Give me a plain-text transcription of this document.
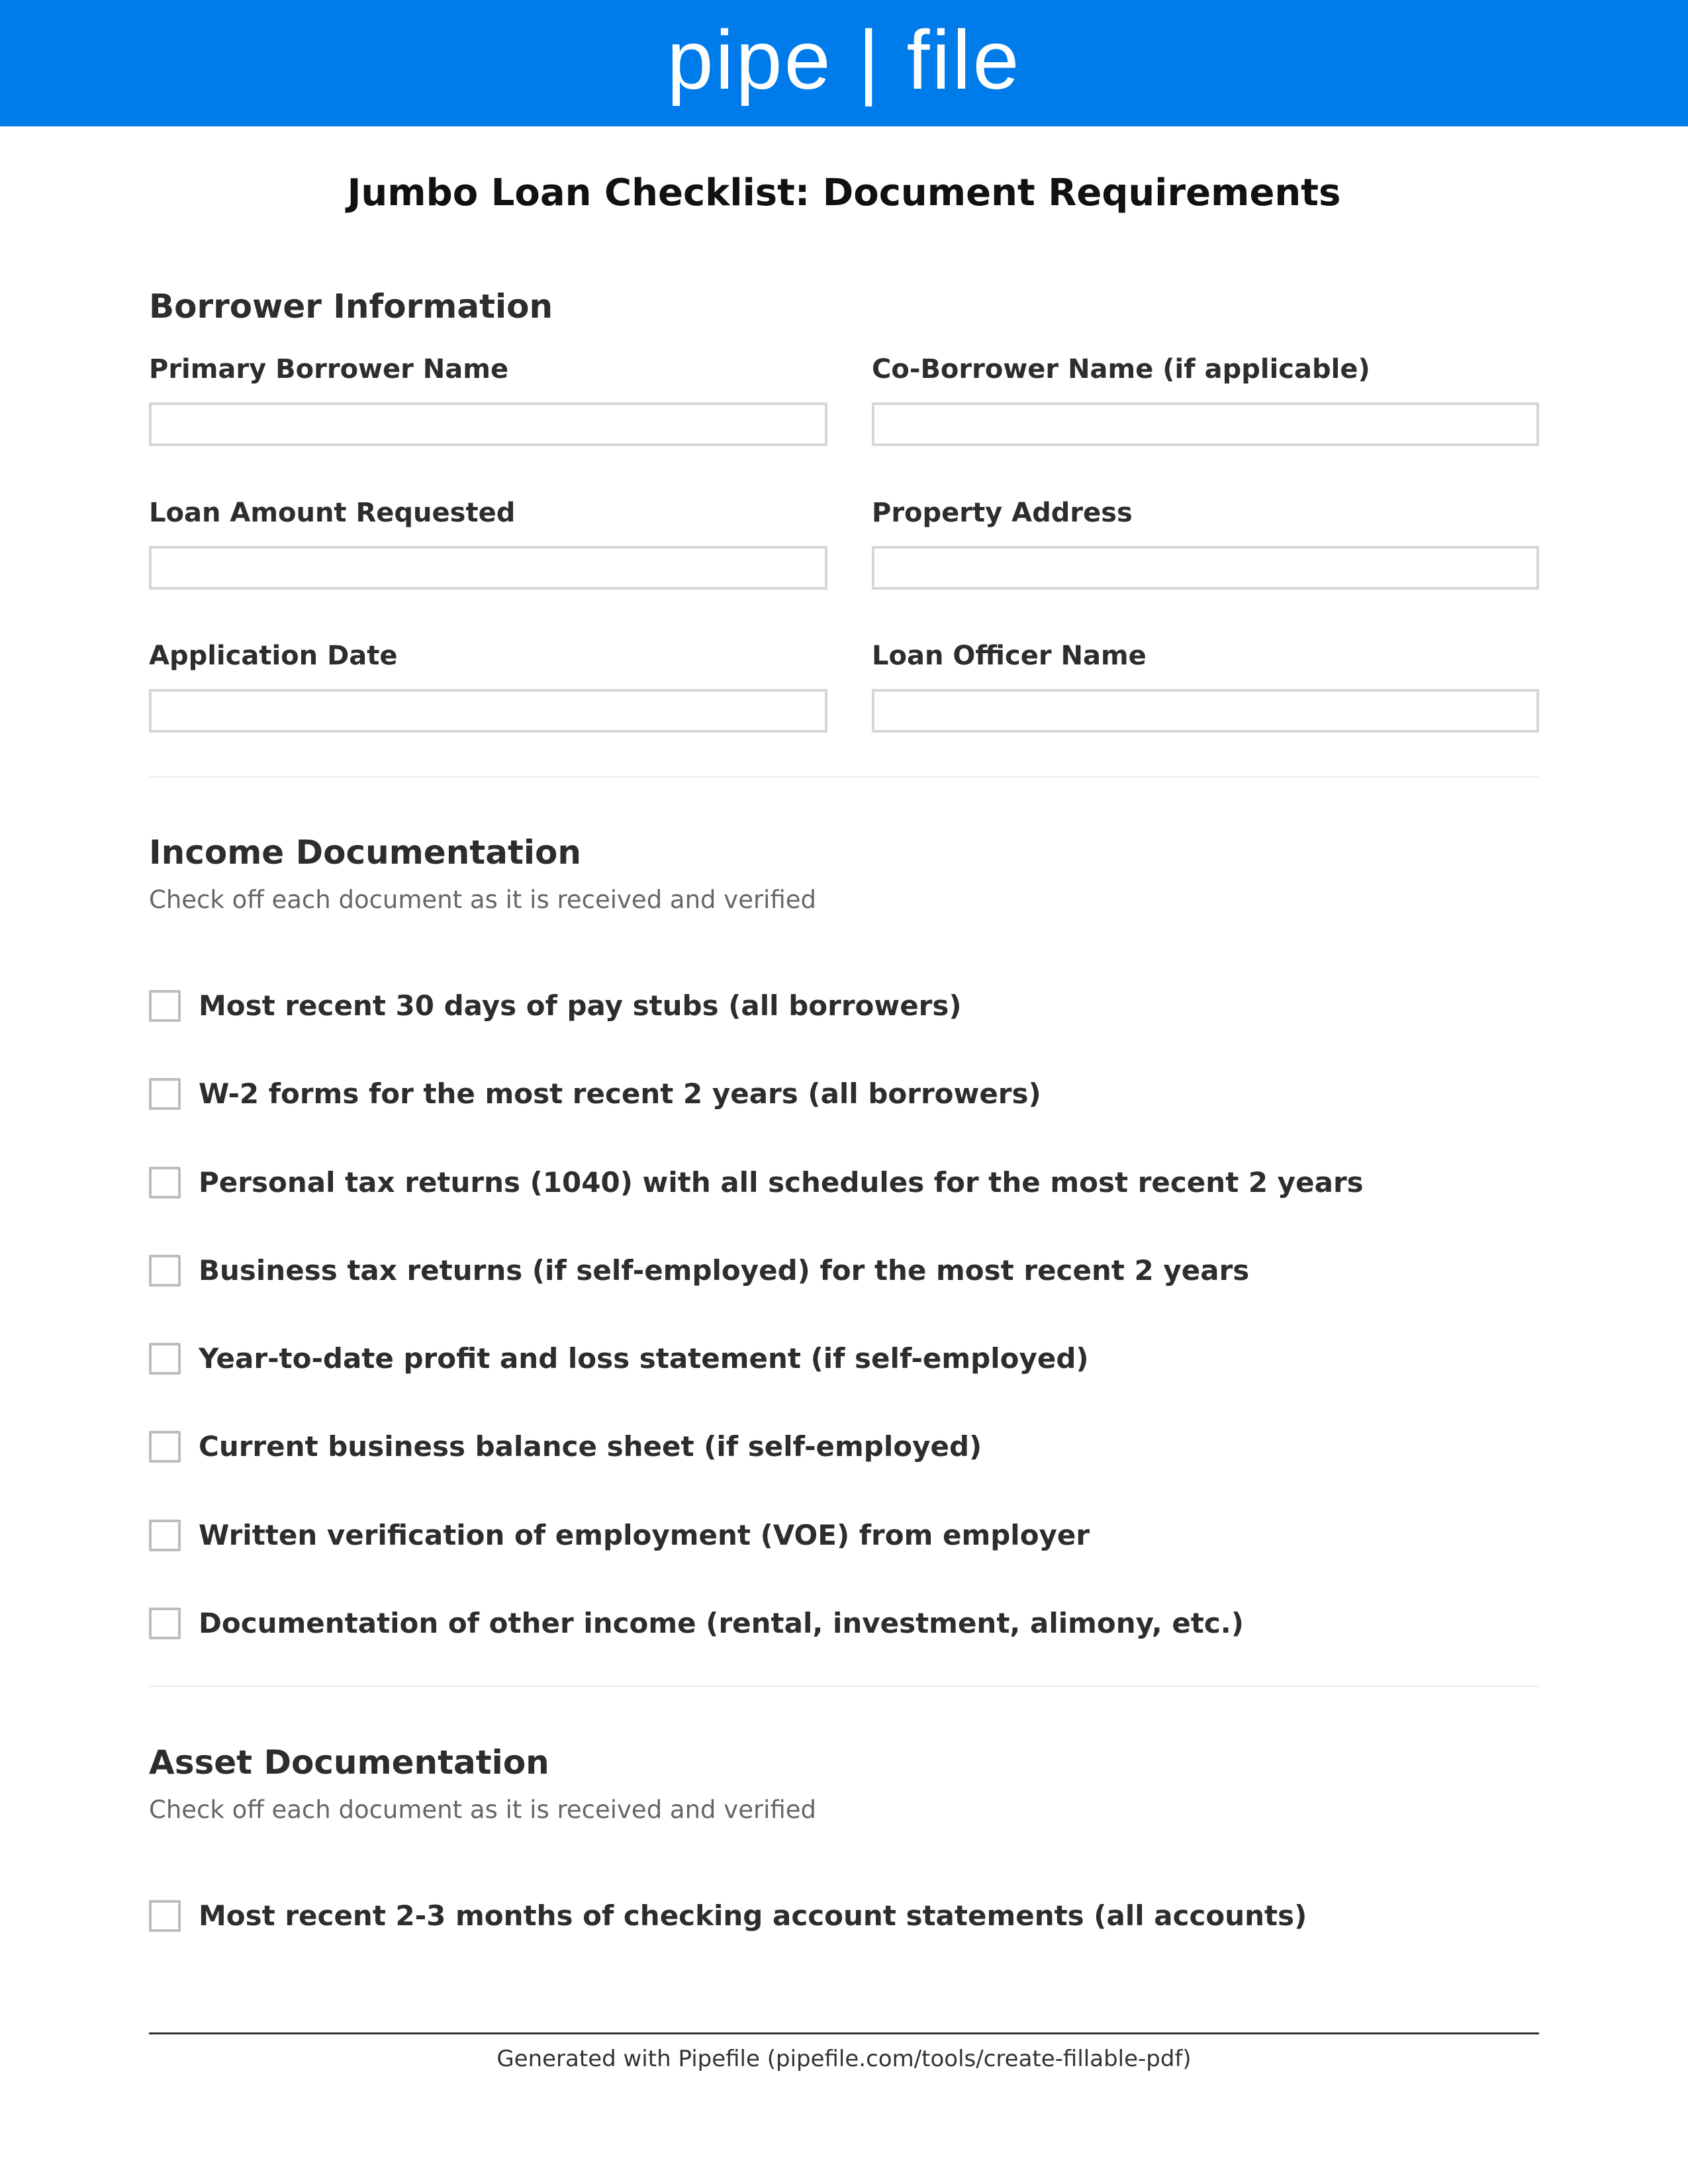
pipe | file
Jumbo Loan Checklist: Document Requirements
Borrower Information
Primary Borrower Name	Co-Borrower Name (if applicable)
Loan Amount Requested	Property Address
Application Date	Loan Officer Name
Income Documentation
Check off each document as it is received and verified
Most recent 30 days of pay stubs (all borrowers)
W-2 forms for the most recent 2 years (all borrowers)
Personal tax returns (1040) with all schedules for the most recent 2 years
Business tax returns (if self-employed) for the most recent 2 years
Year-to-date profit and loss statement (if self-employed)
Current business balance sheet (if self-employed)
Written verification of employment (VOE) from employer
Documentation of other income (rental, investment, alimony, etc.)
Asset Documentation
Check off each document as it is received and verified
Most recent 2-3 months of checking account statements (all accounts)
Generated with Pipefile (pipefile.com/tools/create-fillable-pdf)
